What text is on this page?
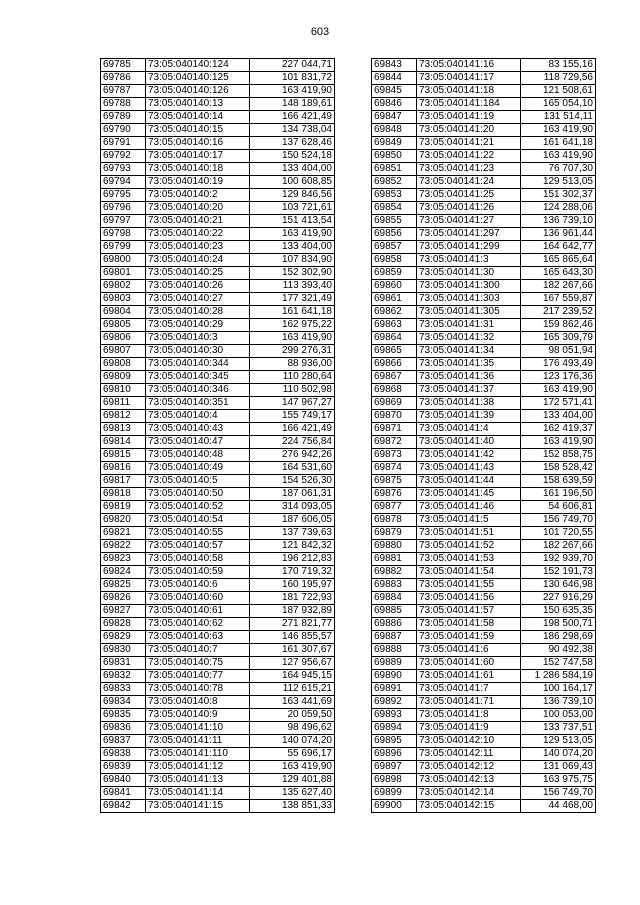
603
69785	73:05:040140:124	227 044,71
69786	73:05:040140:125	101 831,72
69787	73:05:040140:126	163 419,90
69788	73:05:040140:13	148 189,61
69789	73:05:040140:14	166 421,49
69790	73:05:040140:15	134 738,04
69791	73:05:040140:16	137 628,46
69792	73:05:040140:17	150 524,18
69793	73:05:040140:18	133 404,00
69794	73:05:040140:19	100 608,85
69795	73:05:040140:2	129 846,56
69796	73:05:040140:20	103 721,61
69797	73:05:040140:21	151 413,54
69798	73:05:040140:22	163 419,90
69799	73:05:040140:23	133 404,00
69800	73:05:040140:24	107 834,90
69801	73:05:040140:25	152 302,90
69802	73:05:040140:26	113 393,40
69803	73:05:040140:27	177 321,49
69804	73:05:040140:28	161 641,18
69805	73:05:040140:29	162 975,22
69806	73:05:040140:3	163 419,90
69807	73:05:040140:30	299 276,31
69808	73:05:040140:344	88 936,00
69809	73:05:040140:345	110 280,64
69810	73:05:040140:346	110 502,98
69811	73:05:040140:351	147 967,27
69812	73:05:040140:4	155 749,17
69813	73:05:040140:43	166 421,49
69814	73:05:040140:47	224 756,84
69815	73:05:040140:48	276 942,26
69816	73:05:040140:49	164 531,60
69817	73:05:040140:5	154 526,30
69818	73:05:040140:50	187 061,31
69819	73:05:040140:52	314 093,05
69820	73:05:040140:54	187 606,05
69821	73:05:040140:55	137 739,63
69822	73:05:040140:57	121 842,32
69823	73:05:040140:58	196 212,83
69824	73:05:040140:59	170 719,32
69825	73:05:040140:6	160 195,97
69826	73:05:040140:60	181 722,93
69827	73:05:040140:61	187 932,89
69828	73:05:040140:62	271 821,77
69829	73:05:040140:63	146 855,57
69830	73:05:040140:7	161 307,67
69831	73:05:040140:75	127 956,67
69832	73:05:040140:77	164 945,15
69833	73:05:040140:78	112 615,21
69834	73:05:040140:8	163 441,69
69835	73:05:040140:9	20 059,50
69836	73:05:040141:10	98 496,62
69837	73:05:040141:11	140 074,20
69838	73:05:040141:110	55 696,17
69839	73:05:040141:12	163 419,90
69840	73:05:040141:13	129 401,88
69841	73:05:040141:14	135 627,40
69842	73:05:040141:15	138 851,33
69843	73:05:040141:16	83 155,16
69844	73:05:040141:17	118 729,56
69845	73:05:040141:18	121 508,61
69846	73:05:040141:184	165 054,10
69847	73:05:040141:19	131 514,11
69848	73:05:040141:20	163 419,90
69849	73:05:040141:21	161 641,18
69850	73:05:040141:22	163 419,90
69851	73:05:040141:23	76 707,30
69852	73:05:040141:24	129 513,05
69853	73:05:040141:25	151 302,37
69854	73:05:040141:26	124 288,06
69855	73:05:040141:27	136 739,10
69856	73:05:040141:297	136 961,44
69857	73:05:040141:299	164 642,77
69858	73:05:040141:3	165 865,64
69859	73:05:040141:30	165 643,30
69860	73:05:040141:300	182 267,66
69861	73:05:040141:303	167 559,87
69862	73:05:040141:305	217 239,52
69863	73:05:040141:31	159 862,46
69864	73:05:040141:32	165 309,79
69865	73:05:040141:34	98 051,94
69866	73:05:040141:35	176 493,49
69867	73:05:040141:36	123 176,36
69868	73:05:040141:37	163 419,90
69869	73:05:040141:38	172 571,41
69870	73:05:040141:39	133 404,00
69871	73:05:040141:4	162 419,37
69872	73:05:040141:40	163 419,90
69873	73:05:040141:42	152 858,75
69874	73:05:040141:43	158 528,42
69875	73:05:040141:44	158 639,59
69876	73:05:040141:45	161 196,50
69877	73:05:040141:46	54 606,81
69878	73:05:040141:5	156 749,70
69879	73:05:040141:51	101 720,55
69880	73:05:040141:52	182 267,66
69881	73:05:040141:53	192 939,70
69882	73:05:040141:54	152 191,73
69883	73:05:040141:55	130 646,98
69884	73:05:040141:56	227 916,29
69885	73:05:040141:57	150 635,35
69886	73:05:040141:58	198 500,71
69887	73:05:040141:59	186 298,69
69888	73:05:040141:6	90 492,38
69889	73:05:040141:60	152 747,58
69890	73:05:040141:61	1 286 584,19
69891	73:05:040141:7	100 164,17
69892	73:05:040141:71	136 739,10
69893	73:05:040141:8	100 053,00
69894	73:05:040141:9	133 737,51
69895	73:05:040142:10	129 513,05
69896	73:05:040142:11	140 074,20
69897	73:05:040142:12	131 069,43
69898	73:05:040142:13	163 975,75
69899	73:05:040142:14	156 749,70
69900	73:05:040142:15	44 468,00
